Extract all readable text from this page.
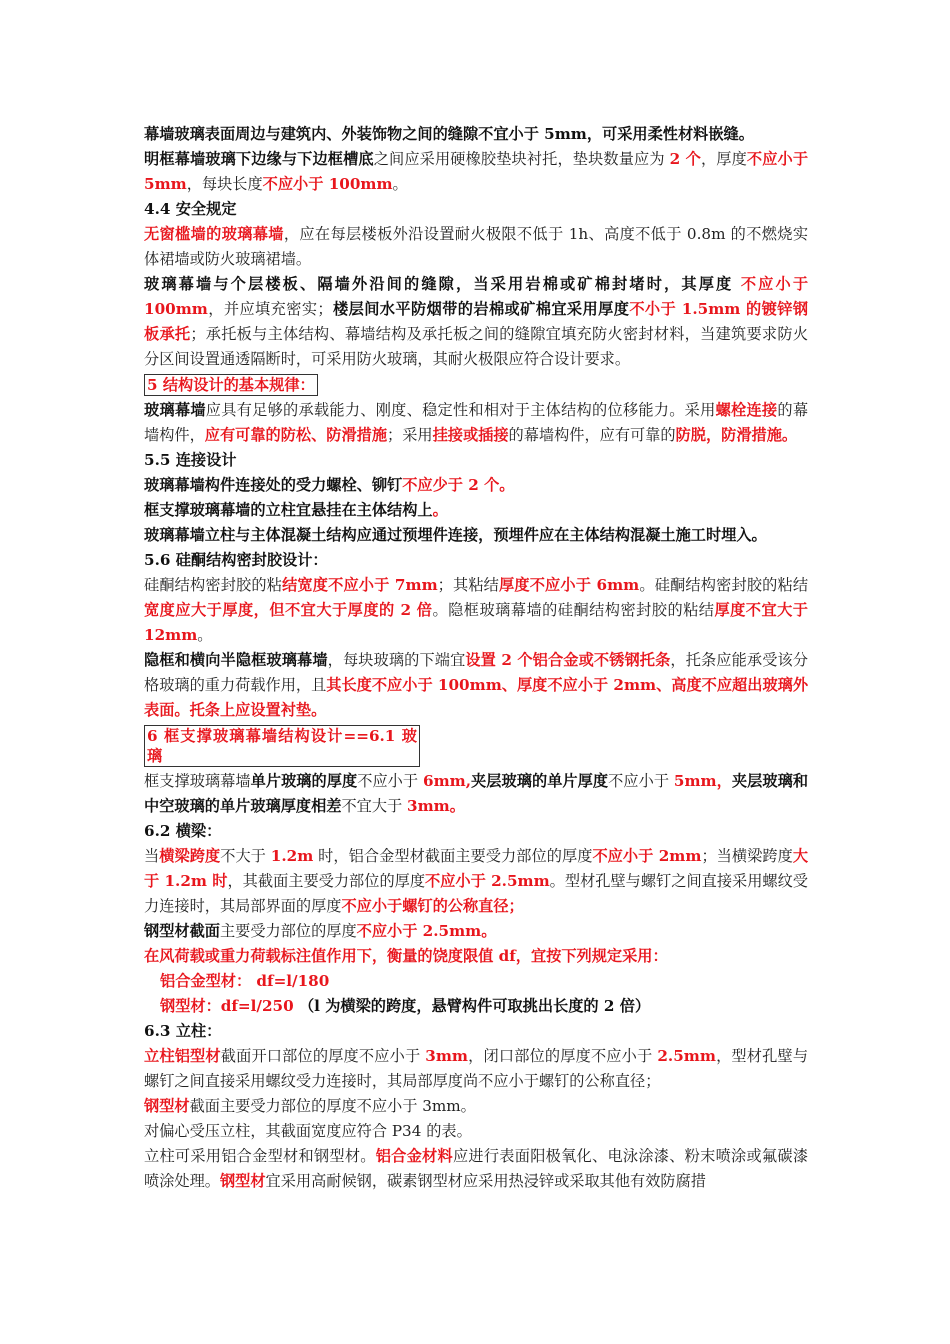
幕墙玻璃表面周边与建筑内、外装饰物之间的缝隙不宜小于 5mm，可采用柔性材料嵌缝。

明框幕墙玻璃下边缘与下边框槽底之间应采用硬橡胶垫块衬托，垫块数量应为 2 个，厚度不应小于 5mm，每块长度不应小于 100mm。

4.4 安全规定

无窗槛墙的玻璃幕墙，应在每层楼板外沿设置耐火极限不低于 1h、高度不低于 0.8m 的不燃烧实体裙墙或防火玻璃裙墙。

玻璃幕墙与个层楼板、隔墙外沿间的缝隙，当采用岩棉或矿棉封堵时，其厚度 不应小于 100mm，并应填充密实；楼层间水平防烟带的岩棉或矿棉宜采用厚度不小于 1.5mm 的镀锌钢板承托；承托板与主体结构、幕墙结构及承托板之间的缝隙宜填充防火密封材料，当建筑要求防火分区间设置通透隔断时，可采用防火玻璃，其耐火极限应符合设计要求。

5 结构设计的基本规律：

玻璃幕墙应具有足够的承载能力、刚度、稳定性和相对于主体结构的位移能力。采用螺栓连接的幕墙构件，应有可靠的防松、防滑措施；采用挂接或插接的幕墙构件，应有可靠的防脱，防滑措施。

5.5 连接设计

玻璃幕墙构件连接处的受力螺栓、铆钉不应少于 2 个。

框支撑玻璃幕墙的立柱宜悬挂在主体结构上。

玻璃幕墙立柱与主体混凝土结构应通过预埋件连接，预埋件应在主体结构混凝土施工时埋入。

5.6 硅酮结构密封胶设计：

硅酮结构密封胶的粘结宽度不应小于 7mm；其粘结厚度不应小于 6mm。硅酮结构密封胶的粘结宽度应大于厚度，但不宜大于厚度的 2 倍。隐框玻璃幕墙的硅酮结构密封胶的粘结厚度不宜大于 12mm。

隐框和横向半隐框玻璃幕墙，每块玻璃的下端宜设置 2 个铝合金或不锈钢托条，托条应能承受该分格玻璃的重力荷载作用，且其长度不应小于 100mm、厚度不应小于 2mm、高度不应超出玻璃外表面。托条上应设置衬垫。

6 框支撑玻璃幕墙结构设计==6.1 玻璃

框支撑玻璃幕墙单片玻璃的厚度不应小于 6mm,夹层玻璃的单片厚度不应小于 5mm，夹层玻璃和中空玻璃的单片玻璃厚度相差不宜大于 3mm。

6.2 横梁：

当横梁跨度不大于 1.2m 时，铝合金型材截面主要受力部位的厚度不应小于 2mm；当横梁跨度大于 1.2m 时，其截面主要受力部位的厚度不应小于 2.5mm。型材孔壁与螺钉之间直接采用螺纹受力连接时，其局部界面的厚度不应小于螺钉的公称直径；

钢型材截面主要受力部位的厚度不应小于 2.5mm。

在风荷载或重力荷载标注值作用下，衡量的饶度限值 df，宜按下列规定采用：

铝合金型材： df=l/180

钢型材：df=l/250 （l 为横梁的跨度，悬臂构件可取挑出长度的 2 倍）

6.3 立柱：

立柱铝型材截面开口部位的厚度不应小于 3mm，闭口部位的厚度不应小于 2.5mm，型材孔壁与螺钉之间直接采用螺纹受力连接时，其局部厚度尚不应小于螺钉的公称直径；

钢型材截面主要受力部位的厚度不应小于 3mm。

对偏心受压立柱，其截面宽度应符合 P34 的表。

立柱可采用铝合金型材和钢型材。铝合金材料应进行表面阳极氧化、电泳涂漆、粉末喷涂或氟碳漆喷涂处理。钢型材宜采用高耐候钢，碳素钢型材应采用热浸锌或采取其他有效防腐措
